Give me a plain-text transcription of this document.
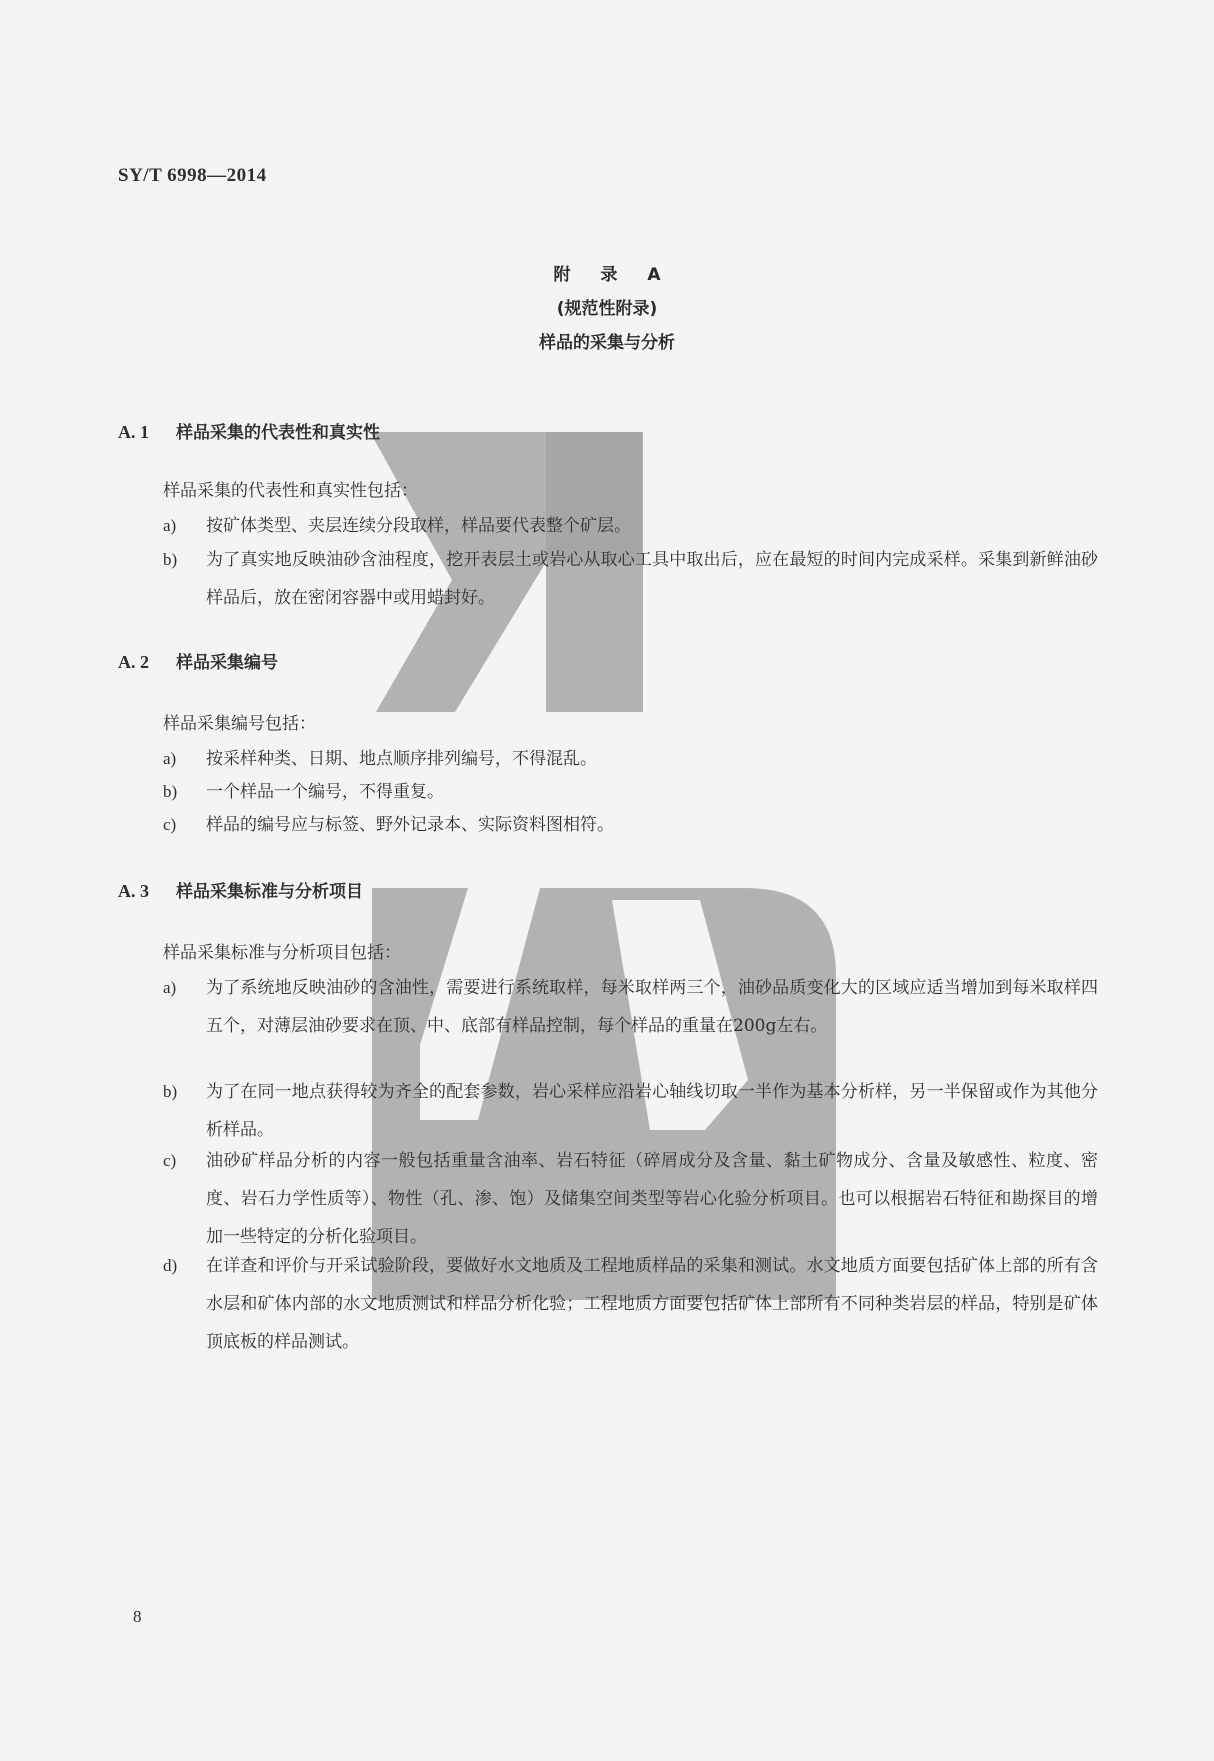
SY/T 6998—2014
附 录 A
(规范性附录)
样品的采集与分析
A. 1 样品采集的代表性和真实性
样品采集的代表性和真实性包括：
a) 按矿体类型、夹层连续分段取样，样品要代表整个矿层。
b) 为了真实地反映油砂含油程度，挖开表层土或岩心从取心工具中取出后，应在最短的时间内完成采样。采集到新鲜油砂样品后，放在密闭容器中或用蜡封好。
A. 2 样品采集编号
样品采集编号包括：
a) 按采样种类、日期、地点顺序排列编号，不得混乱。
b) 一个样品一个编号，不得重复。
c) 样品的编号应与标签、野外记录本、实际资料图相符。
A. 3 样品采集标准与分析项目
样品采集标准与分析项目包括：
a) 为了系统地反映油砂的含油性，需要进行系统取样，每米取样两三个，油砂品质变化大的区域应适当增加到每米取样四五个，对薄层油砂要求在顶、中、底部有样品控制，每个样品的重量在200g左右。
b) 为了在同一地点获得较为齐全的配套参数，岩心采样应沿岩心轴线切取一半作为基本分析样，另一半保留或作为其他分析样品。
c) 油砂矿样品分析的内容一般包括重量含油率、岩石特征（碎屑成分及含量、黏土矿物成分、含量及敏感性、粒度、密度、岩石力学性质等）、物性（孔、渗、饱）及储集空间类型等岩心化验分析项目。也可以根据岩石特征和勘探目的增加一些特定的分析化验项目。
d) 在详查和评价与开采试验阶段，要做好水文地质及工程地质样品的采集和测试。水文地质方面要包括矿体上部的所有含水层和矿体内部的水文地质测试和样品分析化验；工程地质方面要包括矿体上部所有不同种类岩层的样品，特别是矿体顶底板的样品测试。
8
